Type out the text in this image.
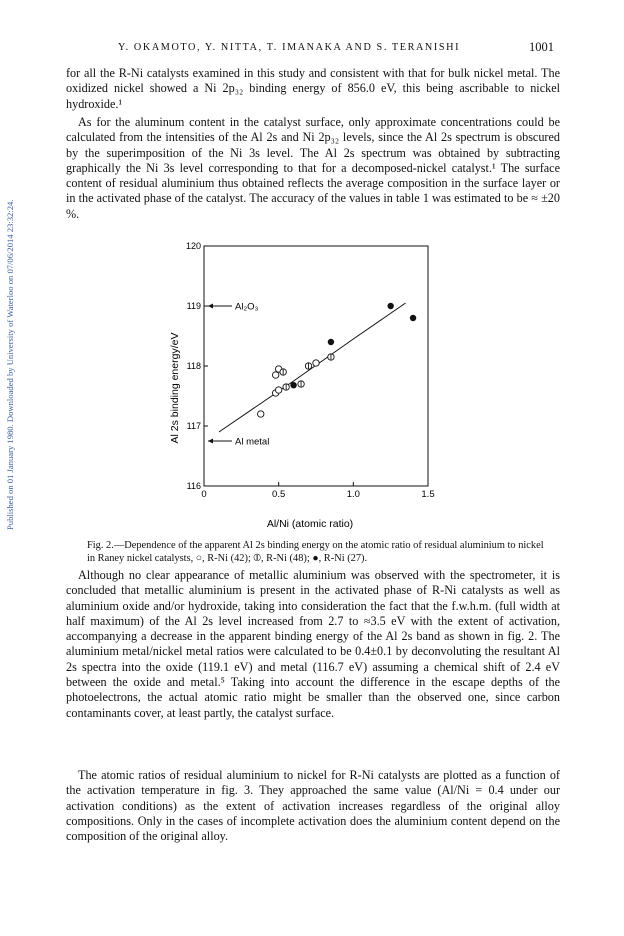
Published on 01 January 1980. Downloaded by University of Waterloo on 07/06/2014 23:32:24.
Y. OKAMOTO, Y. NITTA, T. IMANAKA AND S. TERANISHI	1001

for all the R-Ni catalysts examined in this study and consistent with that for bulk nickel metal. The oxidized nickel showed a Ni 2p₃₂ binding energy of 856.0 eV, this being ascribable to nickel hydroxide.¹

As for the aluminum content in the catalyst surface, only approximate concentrations could be calculated from the intensities of the Al 2s and Ni 2p₃₂ levels, since the Al 2s spectrum is obscured by the superimposition of the Ni 3s level. The Al 2s spectrum was obtained by subtracting graphically the Ni 3s level corresponding to that for a decomposed-nickel catalyst.¹ The surface content of residual aluminium thus obtained reflects the average composition in the surface layer or in the activated phase of the catalyst. The accuracy of the values in table 1 was estimated to be ≈ ±20 %.

0	0.5	1.0	1.5
116
117
118
119
120
Al₂O₃
Al metal
Al 2s binding energy/eV
Al/Ni (atomic ratio)

Fig. 2.—Dependence of the apparent Al 2s binding energy on the atomic ratio of residual aluminium to nickel in Raney nickel catalysts, ○, R-Ni (42); ⦶, R-Ni (48); ●, R-Ni (27).

Although no clear appearance of metallic aluminium was observed with the spectrometer, it is concluded that metallic aluminium is present in the activated phase of R-Ni catalysts as well as aluminium oxide and/or hydroxide, taking into consideration the fact that the f.w.h.m. (full width at half maximum) of the Al 2s level increased from 2.7 to ≈3.5 eV with the extent of activation, accompanying a decrease in the apparent binding energy of the Al 2s band as shown in fig. 2. The aluminium metal/nickel metal ratios were calculated to be 0.4±0.1 by deconvoluting the resultant Al 2s spectra into the oxide (119.1 eV) and metal (116.7 eV) assuming a chemical shift of 2.4 eV between the oxide and metal.⁵ Taking into account the difference in the escape depths of the photoelectrons, the actual atomic ratio might be smaller than the observed one, since carbon contaminants cover, at least partly, the catalyst surface.

The atomic ratios of residual aluminium to nickel for R-Ni catalysts are plotted as a function of the activation temperature in fig. 3. They approached the same value (Al/Ni = 0.4 under our activation conditions) as the extent of activation increases regardless of the original alloy compositions. Only in the cases of incomplete activation does the aluminium content depend on the composition of the original alloy.
